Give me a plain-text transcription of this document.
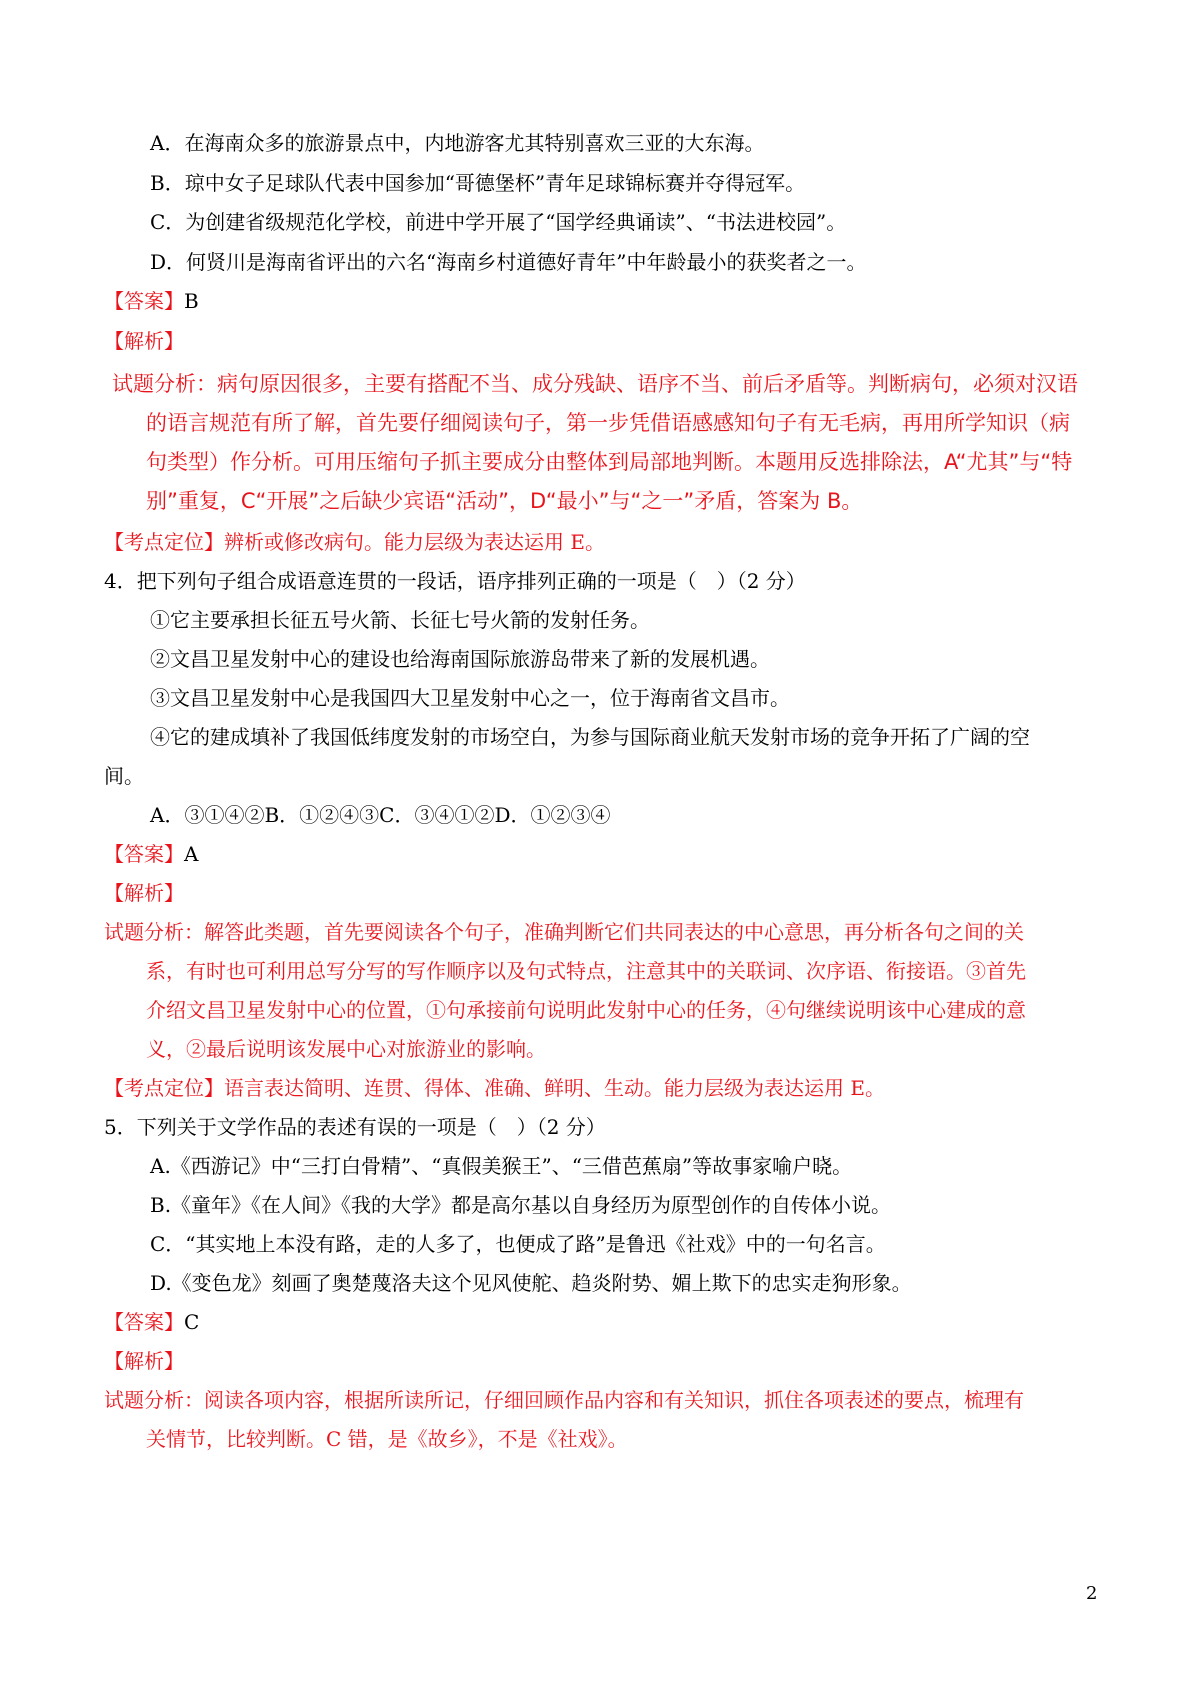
A．在海南众多的旅游景点中，内地游客尤其特别喜欢三亚的大东海。
B．琼中女子足球队代表中国参加“哥德堡杯”青年足球锦标赛并夺得冠军。
C．为创建省级规范化学校，前进中学开展了“国学经典诵读”、“书法进校园”。
D．何贤川是海南省评出的六名“海南乡村道德好青年”中年龄最小的获奖者之一。
【答案】B
【解析】
试题分析：病句原因很多，主要有搭配不当、成分残缺、语序不当、前后矛盾等。判断病句，必须对汉语
的语言规范有所了解，首先要仔细阅读句子，第一步凭借语感感知句子有无毛病，再用所学知识（病
句类型）作分析。可用压缩句子抓主要成分由整体到局部地判断。本题用反选排除法，A“尤其”与“特
别”重复，C“开展”之后缺少宾语“活动”，D“最小”与“之一”矛盾，答案为 B。
【考点定位】辨析或修改病句。能力层级为表达运用 E。
4．把下列句子组合成语意连贯的一段话，语序排列正确的一项是（　）（2 分）
①它主要承担长征五号火箭、长征七号火箭的发射任务。
②文昌卫星发射中心的建设也给海南国际旅游岛带来了新的发展机遇。
③文昌卫星发射中心是我国四大卫星发射中心之一，位于海南省文昌市。
④它的建成填补了我国低纬度发射的市场空白，为参与国际商业航天发射市场的竞争开拓了广阔的空
间。
A．③①④②B．①②④③C．③④①②D．①②③④
【答案】A
【解析】
试题分析：解答此类题，首先要阅读各个句子，准确判断它们共同表达的中心意思，再分析各句之间的关
系，有时也可利用总写分写的写作顺序以及句式特点，注意其中的关联词、次序语、衔接语。③首先
介绍文昌卫星发射中心的位置，①句承接前句说明此发射中心的任务，④句继续说明该中心建成的意
义，②最后说明该发展中心对旅游业的影响。
【考点定位】语言表达简明、连贯、得体、准确、鲜明、生动。能力层级为表达运用 E。
5．下列关于文学作品的表述有误的一项是（　）（2 分）
A.《西游记》中“三打白骨精”、“真假美猴王”、“三借芭蕉扇”等故事家喻户晓。
B.《童年》《在人间》《我的大学》都是高尔基以自身经历为原型创作的自传体小说。
C．“其实地上本没有路，走的人多了，也便成了路”是鲁迅《社戏》中的一句名言。
D.《变色龙》刻画了奥楚蔑洛夫这个见风使舵、趋炎附势、媚上欺下的忠实走狗形象。
【答案】C
【解析】
试题分析：阅读各项内容，根据所读所记，仔细回顾作品内容和有关知识，抓住各项表述的要点，梳理有
关情节，比较判断。C 错，是《故乡》，不是《社戏》。
2
